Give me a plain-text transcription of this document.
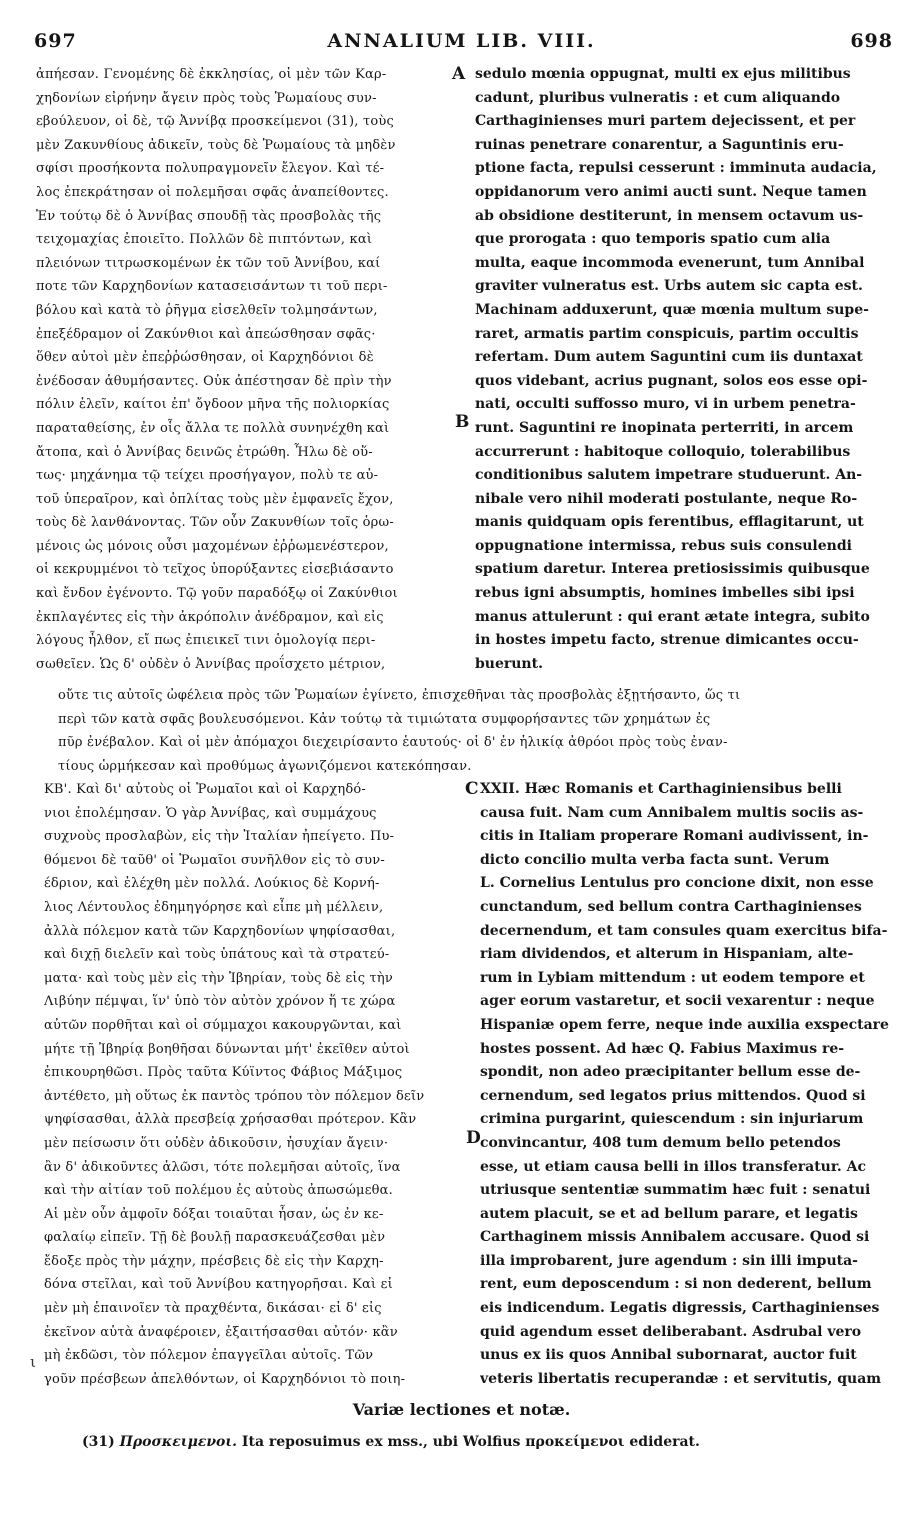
697	ANNALIUM LIB. VIII.	698
ἀπήεσαν. Γενομένης δὲ ἐκκλησίας, οἱ μὲν τῶν Καρ-
χηδονίων εἰρήνην ἄγειν πρὸς τοὺς Ῥωμαίους συν-
εβούλευον, οἱ δὲ, τῷ Ἀννίβᾳ προσκείμενοι (31), τοὺς
μὲν Ζακυνθίους ἀδικεῖν, τοὺς δὲ Ῥωμαίους τὰ μηδὲν
σφίσι προσήκοντα πολυπραγμονεῖν ἔλεγον. Καὶ τέ-
λος ἐπεκράτησαν οἱ πολεμῆσαι σφᾶς ἀναπείθοντες.
Ἐν τούτῳ δὲ ὁ Ἀννίβας σπουδῇ τὰς προσβολὰς τῆς
τειχομαχίας ἐποιεῖτο. Πολλῶν δὲ πιπτόντων, καὶ
πλειόνων τιτρωσκομένων ἐκ τῶν τοῦ Ἀννίβου, καί
ποτε τῶν Καρχηδονίων κατασεισάντων τι τοῦ περι-
βόλου καὶ κατὰ τὸ ῥῆγμα εἰσελθεῖν τολμησάντων,
ἐπεξέδραμον οἱ Ζακύνθιοι καὶ ἀπεώσθησαν σφᾶς·
ὅθεν αὐτοὶ μὲν ἐπεῤῥώσθησαν, οἱ Καρχηδόνιοι δὲ
ἐνέδοσαν ἀθυμήσαντες. Οὐκ ἀπέστησαν δὲ πρὶν τὴν
πόλιν ἑλεῖν, καίτοι ἐπ' ὄγδοον μῆνα τῆς πολιορκίας
παραταθείσης, ἐν οἷς ἄλλα τε πολλὰ συνηνέχθη καὶ
ἄτοπα, καὶ ὁ Ἀννίβας δεινῶς ἐτρώθη. Ἦλω δὲ οὕ-
τως· μηχάνημα τῷ τείχει προσήγαγον, πολὺ τε αὐ-
τοῦ ὑπεραῖρον, καὶ ὁπλίτας τοὺς μὲν ἐμφανεῖς ἔχον,
τοὺς δὲ λανθάνοντας. Τῶν οὖν Ζακυνθίων τοῖς ὁρω-
μένοις ὡς μόνοις οὖσι μαχομένων ἐῤῥωμενέστερον,
οἱ κεκρυμμένοι τὸ τεῖχος ὑπορύξαντες εἰσεβιάσαντο
καὶ ἔνδον ἐγένοντο. Τῷ γοῦν παραδόξῳ οἱ Ζακύνθιοι
ἐκπλαγέντες εἰς τὴν ἀκρόπολιν ἀνέδραμον, καὶ εἰς
λόγους ἦλθον, εἴ πως ἐπιεικεῖ τινι ὁμολογίᾳ περι-
σωθεῖεν. Ὡς δ' οὐδὲν ὁ Ἀννίβας προΐσχετο μέτριον,
sedulo mœnia oppugnat, multi ex ejus militibus
cadunt, pluribus vulneratis : et cum aliquando
Carthaginienses muri partem dejecissent, et per
ruinas penetrare conarentur, a Saguntinis eru-
ptione facta, repulsi cesserunt : imminuta audacia,
oppidanorum vero animi aucti sunt. Neque tamen
ab obsidione destiterunt, in mensem octavum us-
que prorogata : quo temporis spatio cum alia
multa, eaque incommoda evenerunt, tum Annibal
graviter vulneratus est. Urbs autem sic capta est.
Machinam adduxerunt, quæ mœnia multum supe-
raret, armatis partim conspicuis, partim occultis
refertam. Dum autem Saguntini cum iis duntaxat
quos videbant, acrius pugnant, solos eos esse opi-
nati, occulti suffosso muro, vi in urbem penetra-
runt. Saguntini re inopinata perterriti, in arcem
accurrerunt : habitoque colloquio, tolerabilibus
conditionibus salutem impetrare studuerunt. An-
nibale vero nihil moderati postulante, neque Ro-
manis quidquam opis ferentibus, efflagitarunt, ut
oppugnatione intermissa, rebus suis consulendi
spatium daretur. Interea pretiosissimis quibusque
rebus igni absumptis, homines imbelles sibi ipsi
manus attulerunt : qui erant ætate integra, subito
in hostes impetu facto, strenue dimicantes occu-
buerunt.
οὔτε τις αὐτοῖς ὠφέλεια πρὸς τῶν Ῥωμαίων ἐγίνετο, ἐπισχεθῆναι τὰς προσβολὰς ἐξῃτήσαντο, ὥς τι
περὶ τῶν κατὰ σφᾶς βουλευσόμενοι. Κἀν τούτῳ τὰ τιμιώτατα συμφορήσαντες τῶν χρημάτων ἐς
πῦρ ἐνέβαλον. Καὶ οἱ μὲν ἀπόμαχοι διεχειρίσαντο ἑαυτούς· οἱ δ' ἐν ἡλικίᾳ ἀθρόοι πρὸς τοὺς ἐναν-
τίους ὡρμήκεσαν καὶ προθύμως ἀγωνιζόμενοι κατεκόπησαν.
ΚΒ'. Καὶ δι' αὐτοὺς οἱ Ῥωμαῖοι καὶ οἱ Καρχηδό-
νιοι ἐπολέμησαν. Ὁ γὰρ Ἀννίβας, καὶ συμμάχους
συχνοὺς προσλαβὼν, εἰς τὴν Ἰταλίαν ἠπείγετο. Πυ-
θόμενοι δὲ ταῦθ' οἱ Ῥωμαῖοι συνῆλθον εἰς τὸ συν-
έδριον, καὶ ἐλέχθη μὲν πολλά. Λούκιος δὲ Κορνή-
λιος Λέντουλος ἐδημηγόρησε καὶ εἶπε μὴ μέλλειν,
ἀλλὰ πόλεμον κατὰ τῶν Καρχηδονίων ψηφίσασθαι,
καὶ διχῇ διελεῖν καὶ τοὺς ὑπάτους καὶ τὰ στρατεύ-
ματα· καὶ τοὺς μὲν εἰς τὴν Ἰβηρίαν, τοὺς δὲ εἰς τὴν
Λιβύην πέμψαι, ἵν' ὑπὸ τὸν αὐτὸν χρόνον ἥ τε χώρα
αὐτῶν πορθῆται καὶ οἱ σύμμαχοι κακουργῶνται, καὶ
μήτε τῇ Ἰβηρίᾳ βοηθῆσαι δύνωνται μήτ' ἐκεῖθεν αὐτοὶ
ἐπικουρηθῶσι. Πρὸς ταῦτα Κύϊντος Φάβιος Μάξιμος
ἀντέθετο, μὴ οὕτως ἐκ παντὸς τρόπου τὸν πόλεμον δεῖν
ψηφίσασθαι, ἀλλὰ πρεσβείᾳ χρήσασθαι πρότερον. Κἂν
μὲν πείσωσιν ὅτι οὐδὲν ἀδικοῦσιν, ἡσυχίαν ἄγειν·
ἂν δ' ἀδικοῦντες ἁλῶσι, τότε πολεμῆσαι αὐτοῖς, ἵνα
καὶ τὴν αἰτίαν τοῦ πολέμου ἐς αὐτοὺς ἀπωσώμεθα.
Αἱ μὲν οὖν ἀμφοῖν δόξαι τοιαῦται ἦσαν, ὡς ἐν κε-
φαλαίῳ εἰπεῖν. Τῇ δὲ βουλῇ παρασκευάζεσθαι μὲν
ἔδοξε πρὸς τὴν μάχην, πρέσβεις δὲ εἰς τὴν Καρχη-
δόνα στεῖλαι, καὶ τοῦ Ἀννίβου κατηγορῆσαι. Καὶ εἰ
μὲν μὴ ἐπαινοῖεν τὰ πραχθέντα, δικάσαι· εἰ δ' εἰς
ἐκεῖνον αὐτὰ ἀναφέροιεν, ἐξαιτήσασθαι αὐτόν· κἂν
μὴ ἐκδῶσι, τὸν πόλεμον ἐπαγγεῖλαι αὐτοῖς. Τῶν
γοῦν πρέσβεων ἀπελθόντων, οἱ Καρχηδόνιοι τὸ ποιη-
XXII. Hæc Romanis et Carthaginiensibus belli
causa fuit. Nam cum Annibalem multis sociis as-
citis in Italiam properare Romani audivissent, in-
dicto concilio multa verba facta sunt. Verum
L. Cornelius Lentulus pro concione dixit, non esse
cunctandum, sed bellum contra Carthaginienses
decernendum, et tam consules quam exercitus bifa-
riam dividendos, et alterum in Hispaniam, alte-
rum in Lybiam mittendum : ut eodem tempore et
ager eorum vastaretur, et socii vexarentur : neque
Hispaniæ opem ferre, neque inde auxilia exspectare
hostes possent. Ad hæc Q. Fabius Maximus re-
spondit, non adeo præcipitanter bellum esse de-
cernendum, sed legatos prius mittendos. Quod si
crimina purgarint, quiescendum : sin injuriarum
convincantur, 408 tum demum bello petendos
esse, ut etiam causa belli in illos transferatur. Ac
utriusque sententiæ summatim hæc fuit : senatui
autem placuit, se et ad bellum parare, et legatis
Carthaginem missis Annibalem accusare. Quod si
illa improbarent, jure agendum : sin illi imputa-
rent, eum deposcendum : si non dederent, bellum
eis indicendum. Legatis digressis, Carthaginienses
quid agendum esset deliberabant. Asdrubal vero
unus ex iis quos Annibal subornarat, auctor fuit
veteris libertatis recuperandæ : et servitutis, quam
A
B
C
D
ι
Variæ lectiones et notæ.
(31) Προσκειμενοι. Ita reposuimus ex mss., ubi Wolfius προκείμενοι ediderat.
